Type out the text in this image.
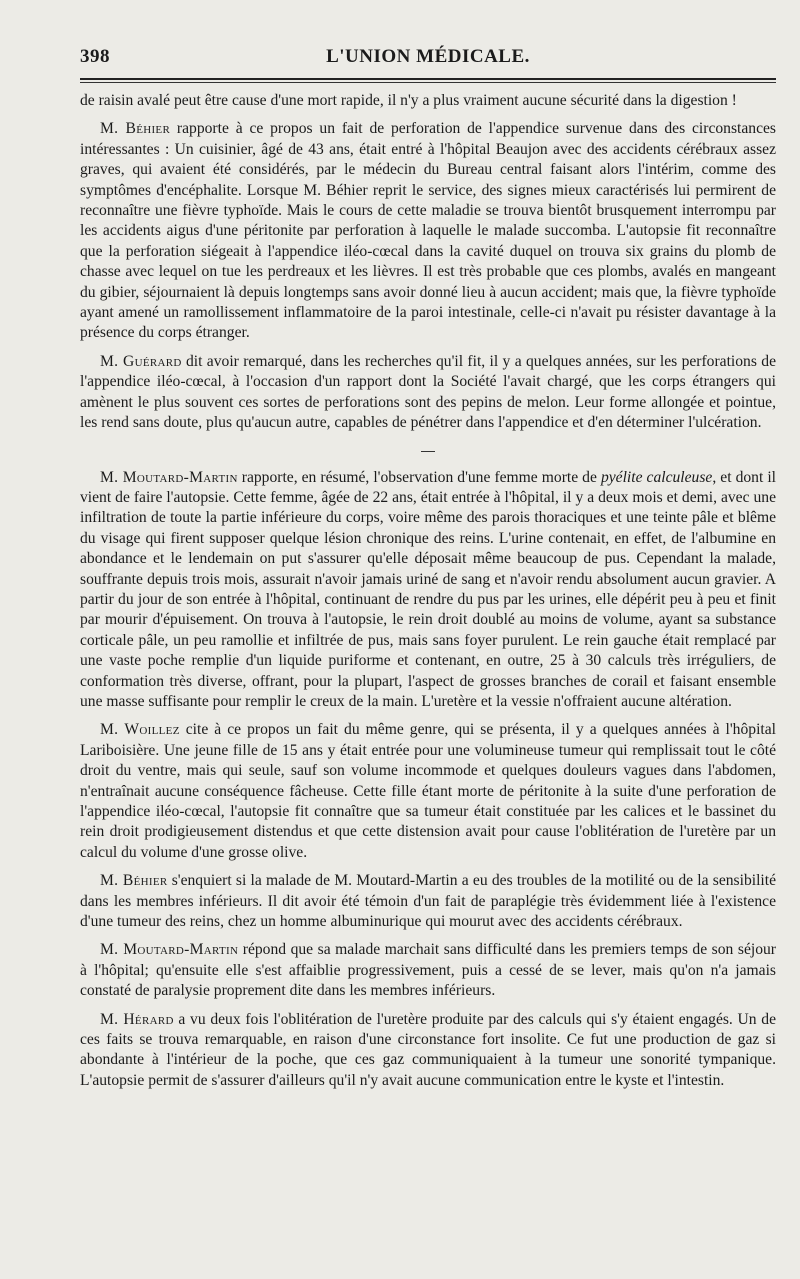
398	L'UNION MÉDICALE.

de raisin avalé peut être cause d'une mort rapide, il n'y a plus vraiment aucune sécurité dans la digestion !

M. Béhier rapporte à ce propos un fait de perforation de l'appendice survenue dans des circonstances intéressantes : Un cuisinier, âgé de 43 ans, était entré à l'hôpital Beaujon avec des accidents cérébraux assez graves, qui avaient été considérés, par le médecin du Bureau central faisant alors l'intérim, comme des symptômes d'encéphalite. Lorsque M. Béhier reprit le service, des signes mieux caractérisés lui permirent de reconnaître une fièvre typhoïde. Mais le cours de cette maladie se trouva bientôt brusquement interrompu par les accidents aigus d'une péritonite par perforation à laquelle le malade succomba. L'autopsie fit reconnaître que la perforation siégeait à l'appendice iléo-cœcal dans la cavité duquel on trouva six grains du plomb de chasse avec lequel on tue les perdreaux et les lièvres. Il est très probable que ces plombs, avalés en mangeant du gibier, séjournaient là depuis longtemps sans avoir donné lieu à aucun accident; mais que, la fièvre typhoïde ayant amené un ramollissement inflammatoire de la paroi intestinale, celle-ci n'avait pu résister davantage à la présence du corps étranger.

M. Guérard dit avoir remarqué, dans les recherches qu'il fit, il y a quelques années, sur les perforations de l'appendice iléo-cœcal, à l'occasion d'un rapport dont la Société l'avait chargé, que les corps étrangers qui amènent le plus souvent ces sortes de perforations sont des pepins de melon. Leur forme allongée et pointue, les rend sans doute, plus qu'aucun autre, capables de pénétrer dans l'appendice et d'en déterminer l'ulcération.

M. Moutard-Martin rapporte, en résumé, l'observation d'une femme morte de pyélite calculeuse, et dont il vient de faire l'autopsie. Cette femme, âgée de 22 ans, était entrée à l'hôpital, il y a deux mois et demi, avec une infiltration de toute la partie inférieure du corps, voire même des parois thoraciques et une teinte pâle et blême du visage qui firent supposer quelque lésion chronique des reins. L'urine contenait, en effet, de l'albumine en abondance et le lendemain on put s'assurer qu'elle déposait même beaucoup de pus. Cependant la malade, souffrante depuis trois mois, assurait n'avoir jamais uriné de sang et n'avoir rendu absolument aucun gravier. A partir du jour de son entrée à l'hôpital, continuant de rendre du pus par les urines, elle dépérit peu à peu et finit par mourir d'épuisement. On trouva à l'autopsie, le rein droit doublé au moins de volume, ayant sa substance corticale pâle, un peu ramollie et infiltrée de pus, mais sans foyer purulent. Le rein gauche était remplacé par une vaste poche remplie d'un liquide puriforme et contenant, en outre, 25 à 30 calculs très irréguliers, de conformation très diverse, offrant, pour la plupart, l'aspect de grosses branches de corail et faisant ensemble une masse suffisante pour remplir le creux de la main. L'uretère et la vessie n'offraient aucune altération.

M. Woillez cite à ce propos un fait du même genre, qui se présenta, il y a quelques années à l'hôpital Lariboisière. Une jeune fille de 15 ans y était entrée pour une volumineuse tumeur qui remplissait tout le côté droit du ventre, mais qui seule, sauf son volume incommode et quelques douleurs vagues dans l'abdomen, n'entraînait aucune conséquence fâcheuse. Cette fille étant morte de péritonite à la suite d'une perforation de l'appendice iléo-cœcal, l'autopsie fit connaître que sa tumeur était constituée par les calices et le bassinet du rein droit prodigieusement distendus et que cette distension avait pour cause l'oblitération de l'uretère par un calcul du volume d'une grosse olive.

M. Béhier s'enquiert si la malade de M. Moutard-Martin a eu des troubles de la motilité ou de la sensibilité dans les membres inférieurs. Il dit avoir été témoin d'un fait de paraplégie très évidemment liée à l'existence d'une tumeur des reins, chez un homme albuminurique qui mourut avec des accidents cérébraux.

M. Moutard-Martin répond que sa malade marchait sans difficulté dans les premiers temps de son séjour à l'hôpital; qu'ensuite elle s'est affaiblie progressivement, puis a cessé de se lever, mais qu'on n'a jamais constaté de paralysie proprement dite dans les membres inférieurs.

M. Hérard a vu deux fois l'oblitération de l'uretère produite par des calculs qui s'y étaient engagés. Un de ces faits se trouva remarquable, en raison d'une circonstance fort insolite. Ce fut une production de gaz si abondante à l'intérieur de la poche, que ces gaz communiquaient à la tumeur une sonorité tympanique. L'autopsie permit de s'assurer d'ailleurs qu'il n'y avait aucune communication entre le kyste et l'intestin.
